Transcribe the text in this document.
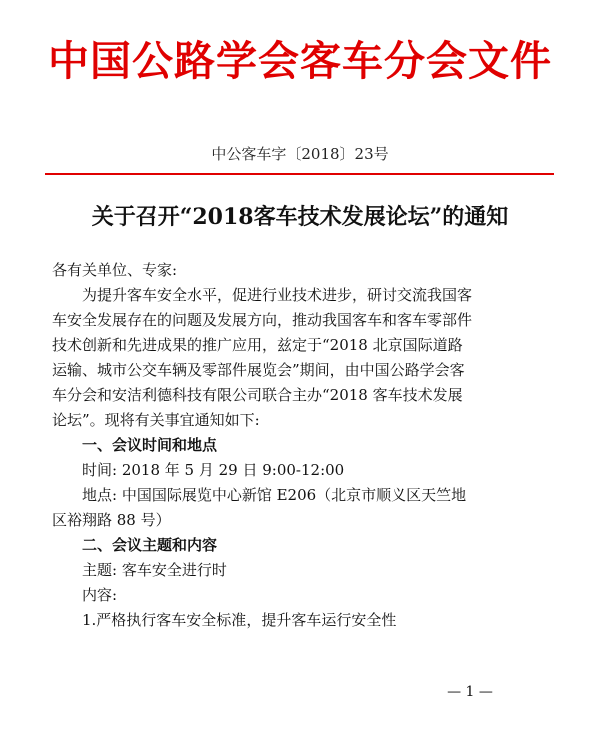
中国公路学会客车分会文件
中公客车字〔2018〕23号
关于召开“2018客车技术发展论坛”的通知
各有关单位、专家:
为提升客车安全水平，促进行业技术进步，研讨交流我国客
车安全发展存在的问题及发展方向，推动我国客车和客车零部件
技术创新和先进成果的推广应用，兹定于“2018 北京国际道路
运输、城市公交车辆及零部件展览会”期间，由中国公路学会客
车分会和安洁利德科技有限公司联合主办“2018 客车技术发展
论坛”。现将有关事宜通知如下:
一、会议时间和地点
时间: 2018 年 5 月 29 日 9:00-12:00
地点: 中国国际展览中心新馆 E206（北京市顺义区天竺地
区裕翔路 88 号）
二、会议主题和内容
主题: 客车安全进行时
内容:
1.严格执行客车安全标准，提升客车运行安全性
— 1 —
